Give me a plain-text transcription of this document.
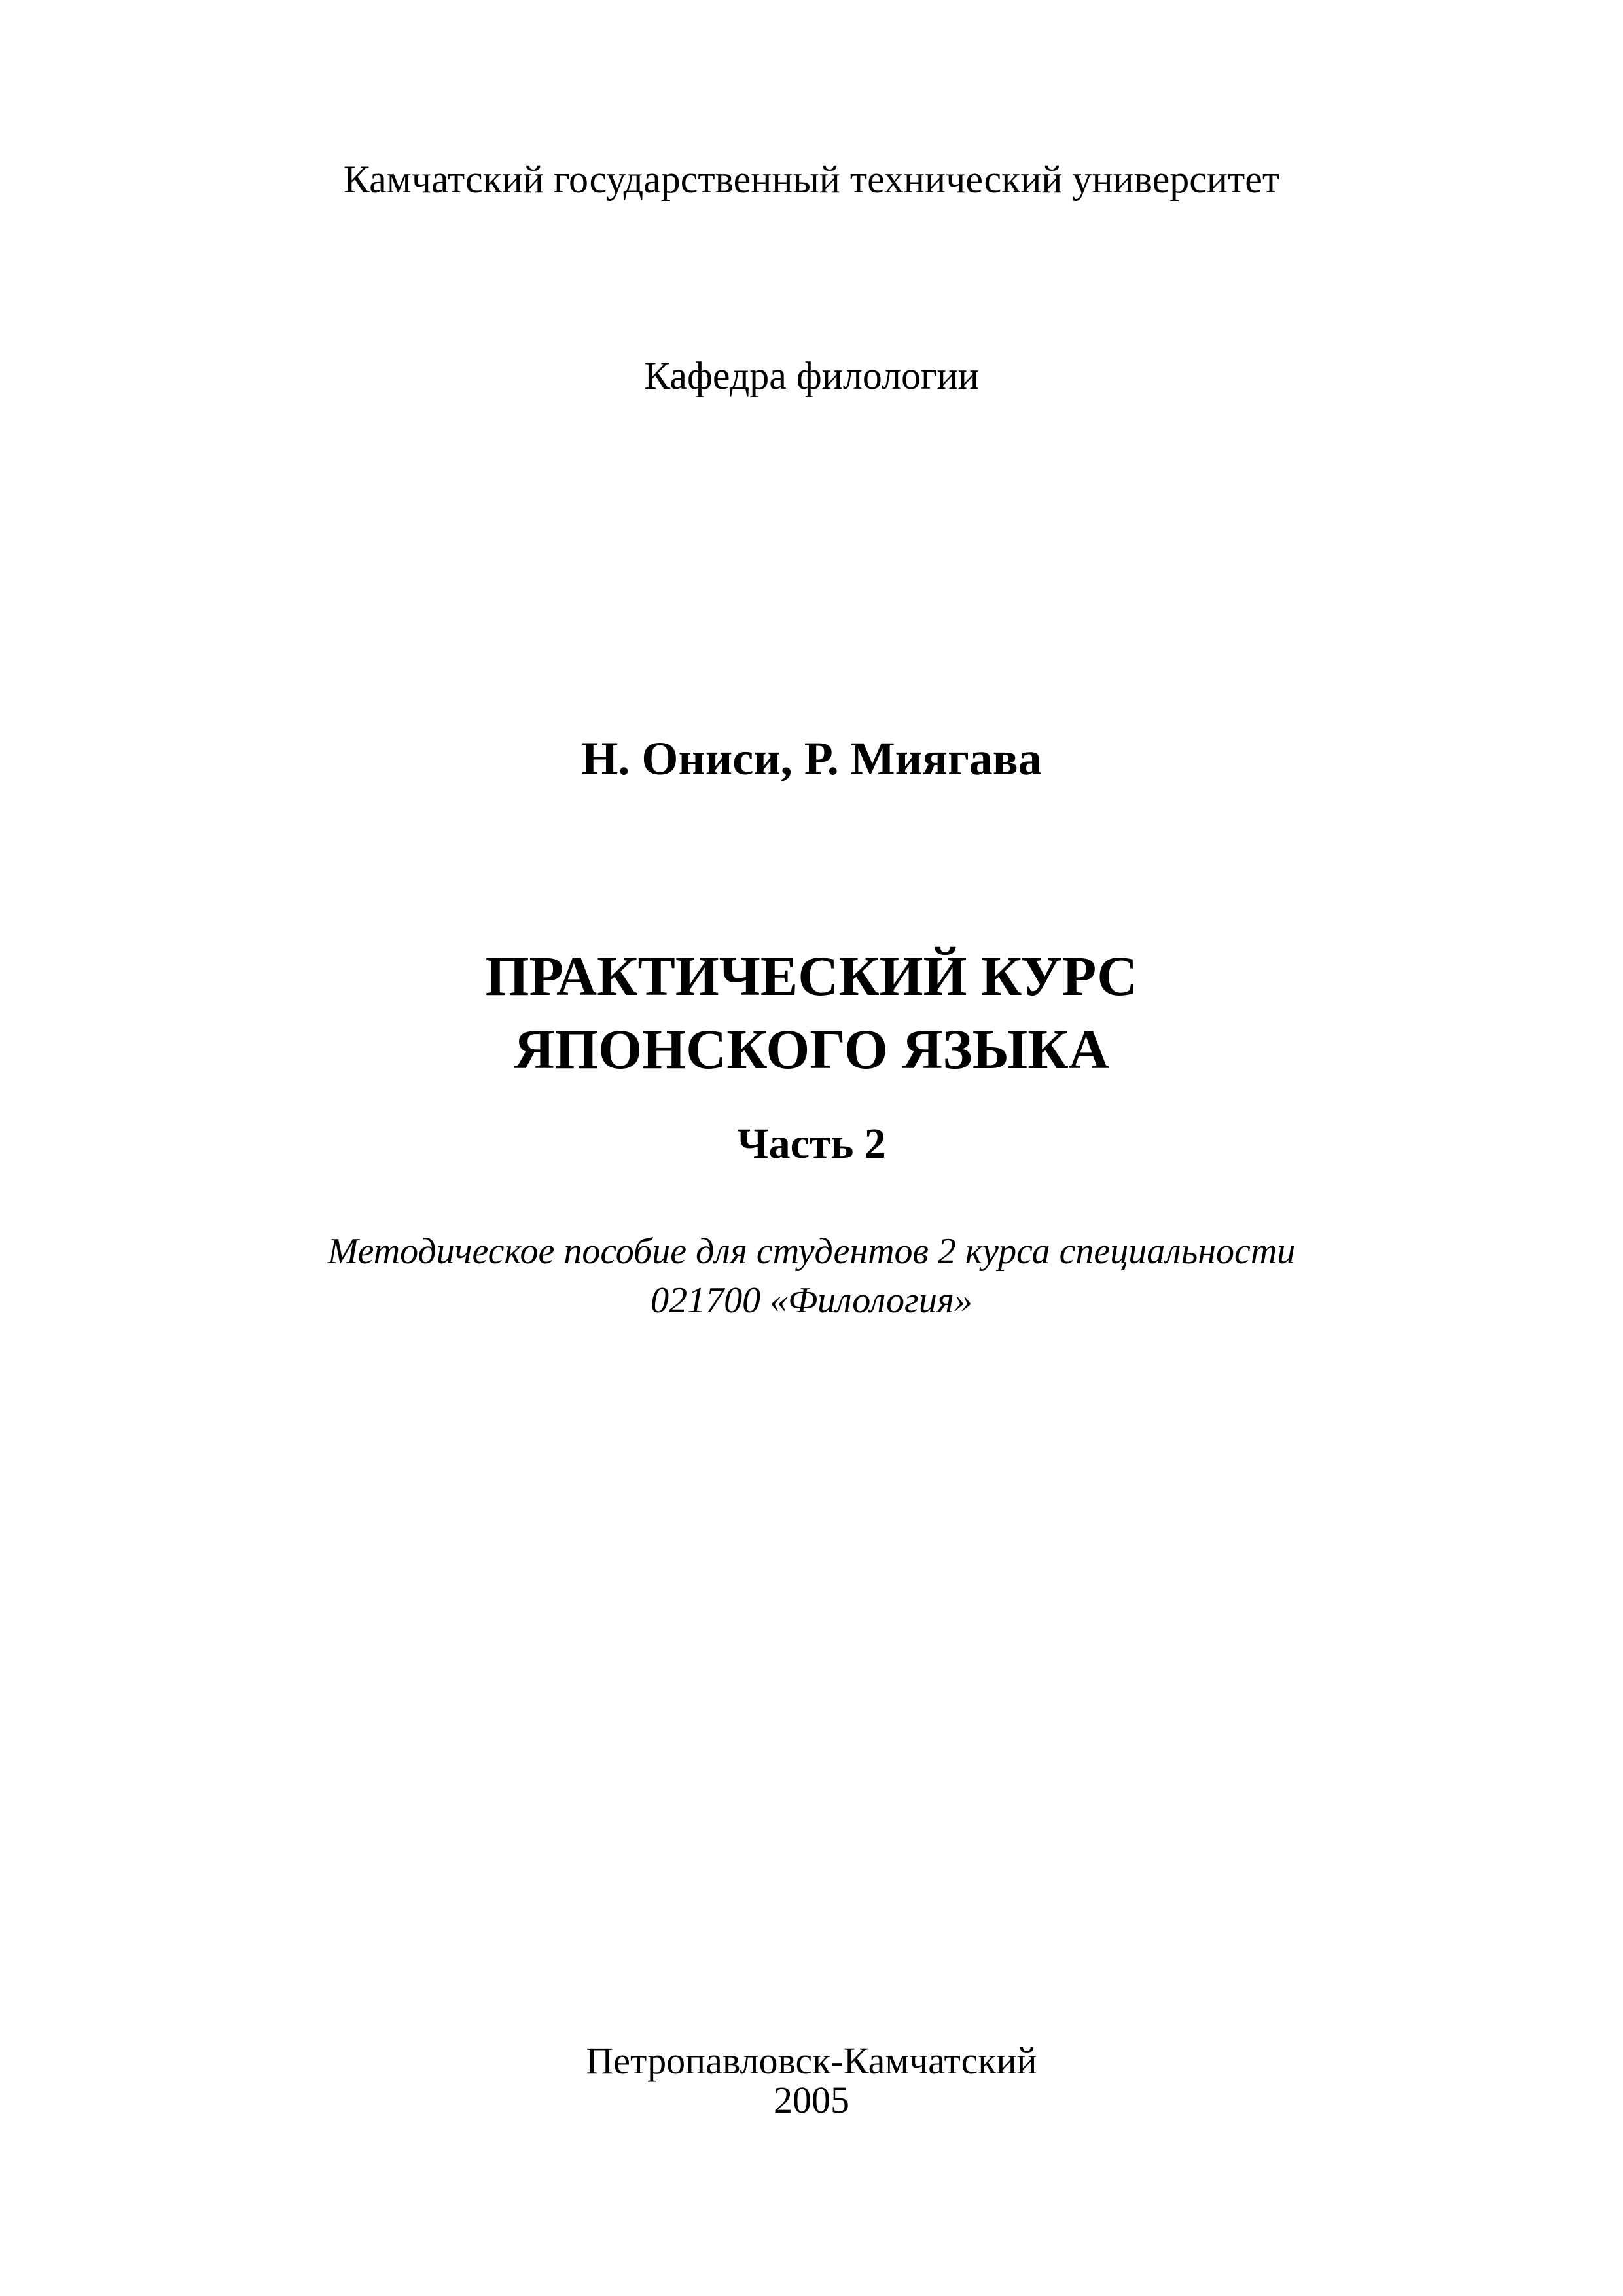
Камчатский государственный технический университет

Кафедра филологии

Н. Ониси, Р. Миягава

ПРАКТИЧЕСКИЙ КУРС

ЯПОНСКОГО ЯЗЫКА

Часть 2

Методическое пособие для студентов 2 курса специальности

021700 «Филология»

Петропавловск-Камчатский

2005
